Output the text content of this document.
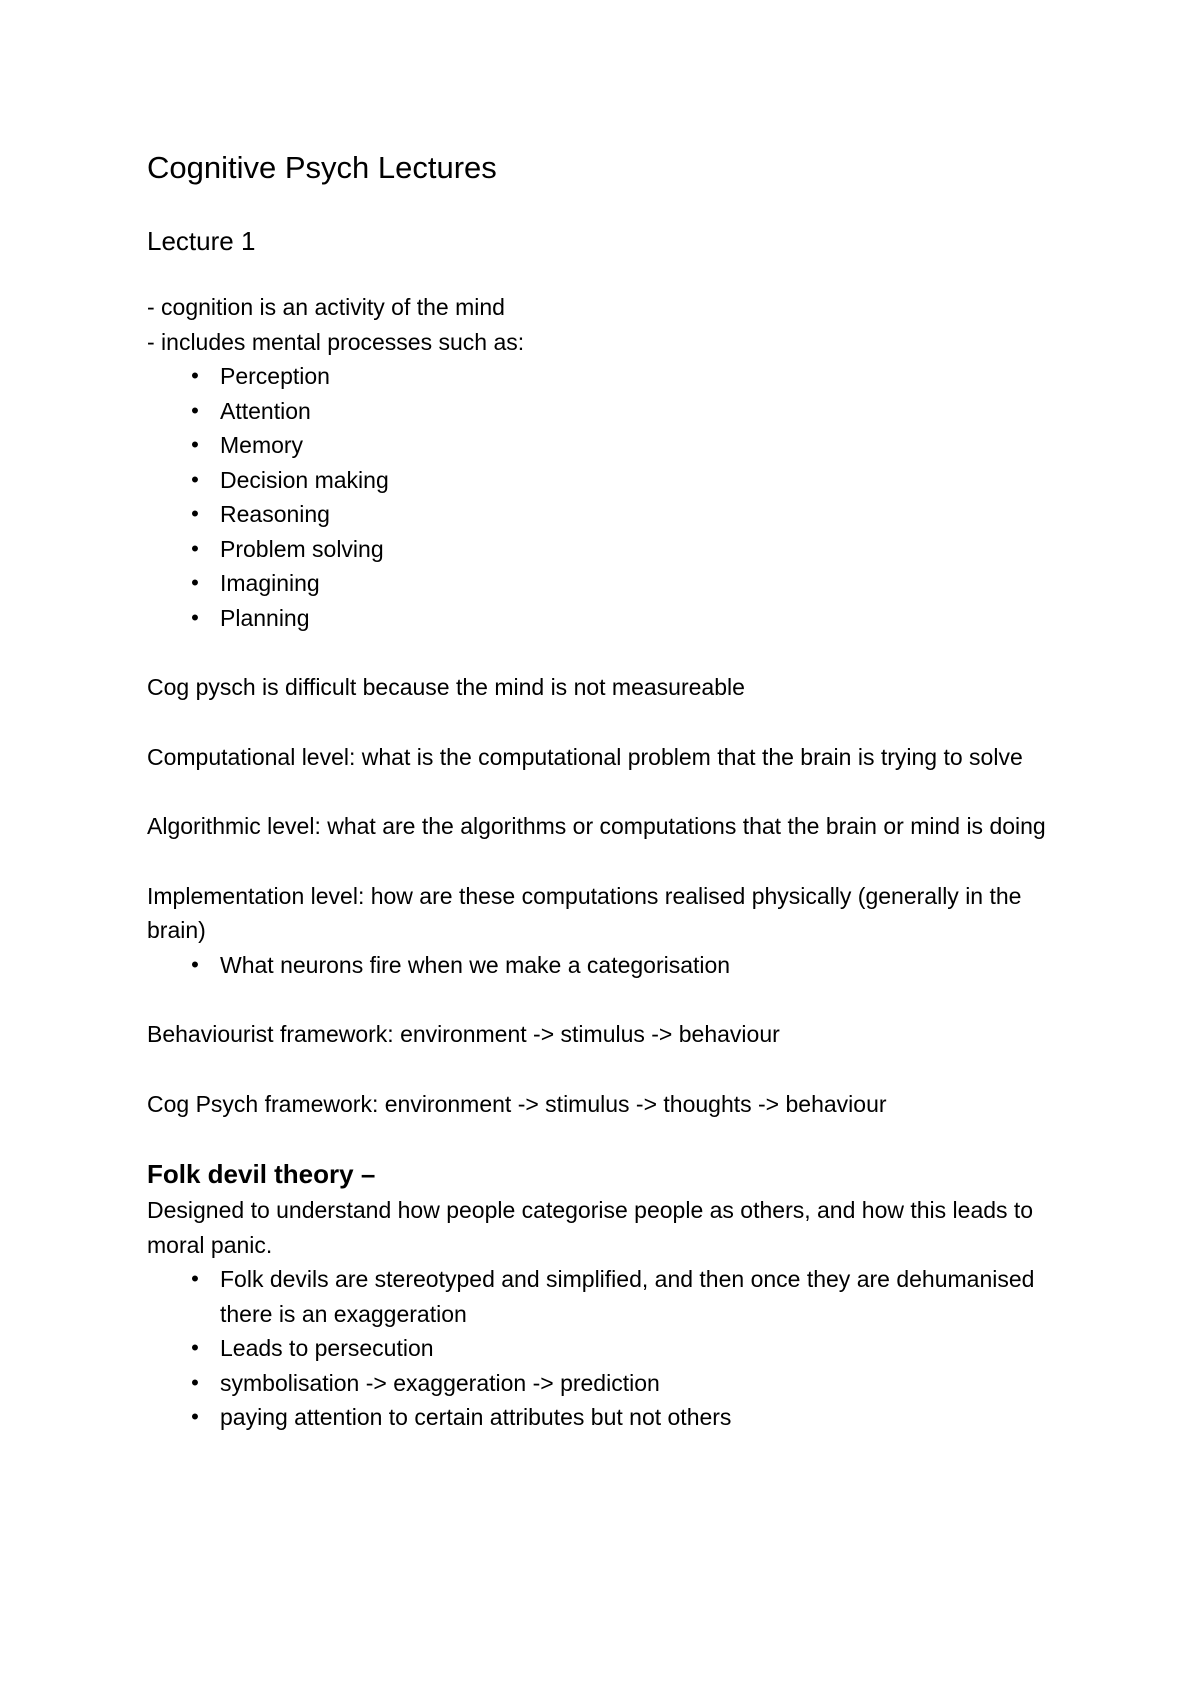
Cognitive Psych Lectures
Lecture 1

- cognition is an activity of the mind

- includes mental processes such as:

• Perception
• Attention
• Memory
• Decision making
• Reasoning
• Problem solving
• Imagining
• Planning

Cog pysch is difficult because the mind is not measureable

Computational level: what is the computational problem that the brain is trying to solve

Algorithmic level: what are the algorithms or computations that the brain or mind is doing

Implementation level: how are these computations realised physically (generally in the brain)

• What neurons fire when we make a categorisation

Behaviourist framework: environment -> stimulus -> behaviour

Cog Psych framework: environment -> stimulus -> thoughts -> behaviour

Folk devil theory –

Designed to understand how people categorise people as others, and how this leads to moral panic.

• Folk devils are stereotyped and simplified, and then once they are dehumanised there is an exaggeration
• Leads to persecution
• symbolisation -> exaggeration -> prediction
• paying attention to certain attributes but not others
